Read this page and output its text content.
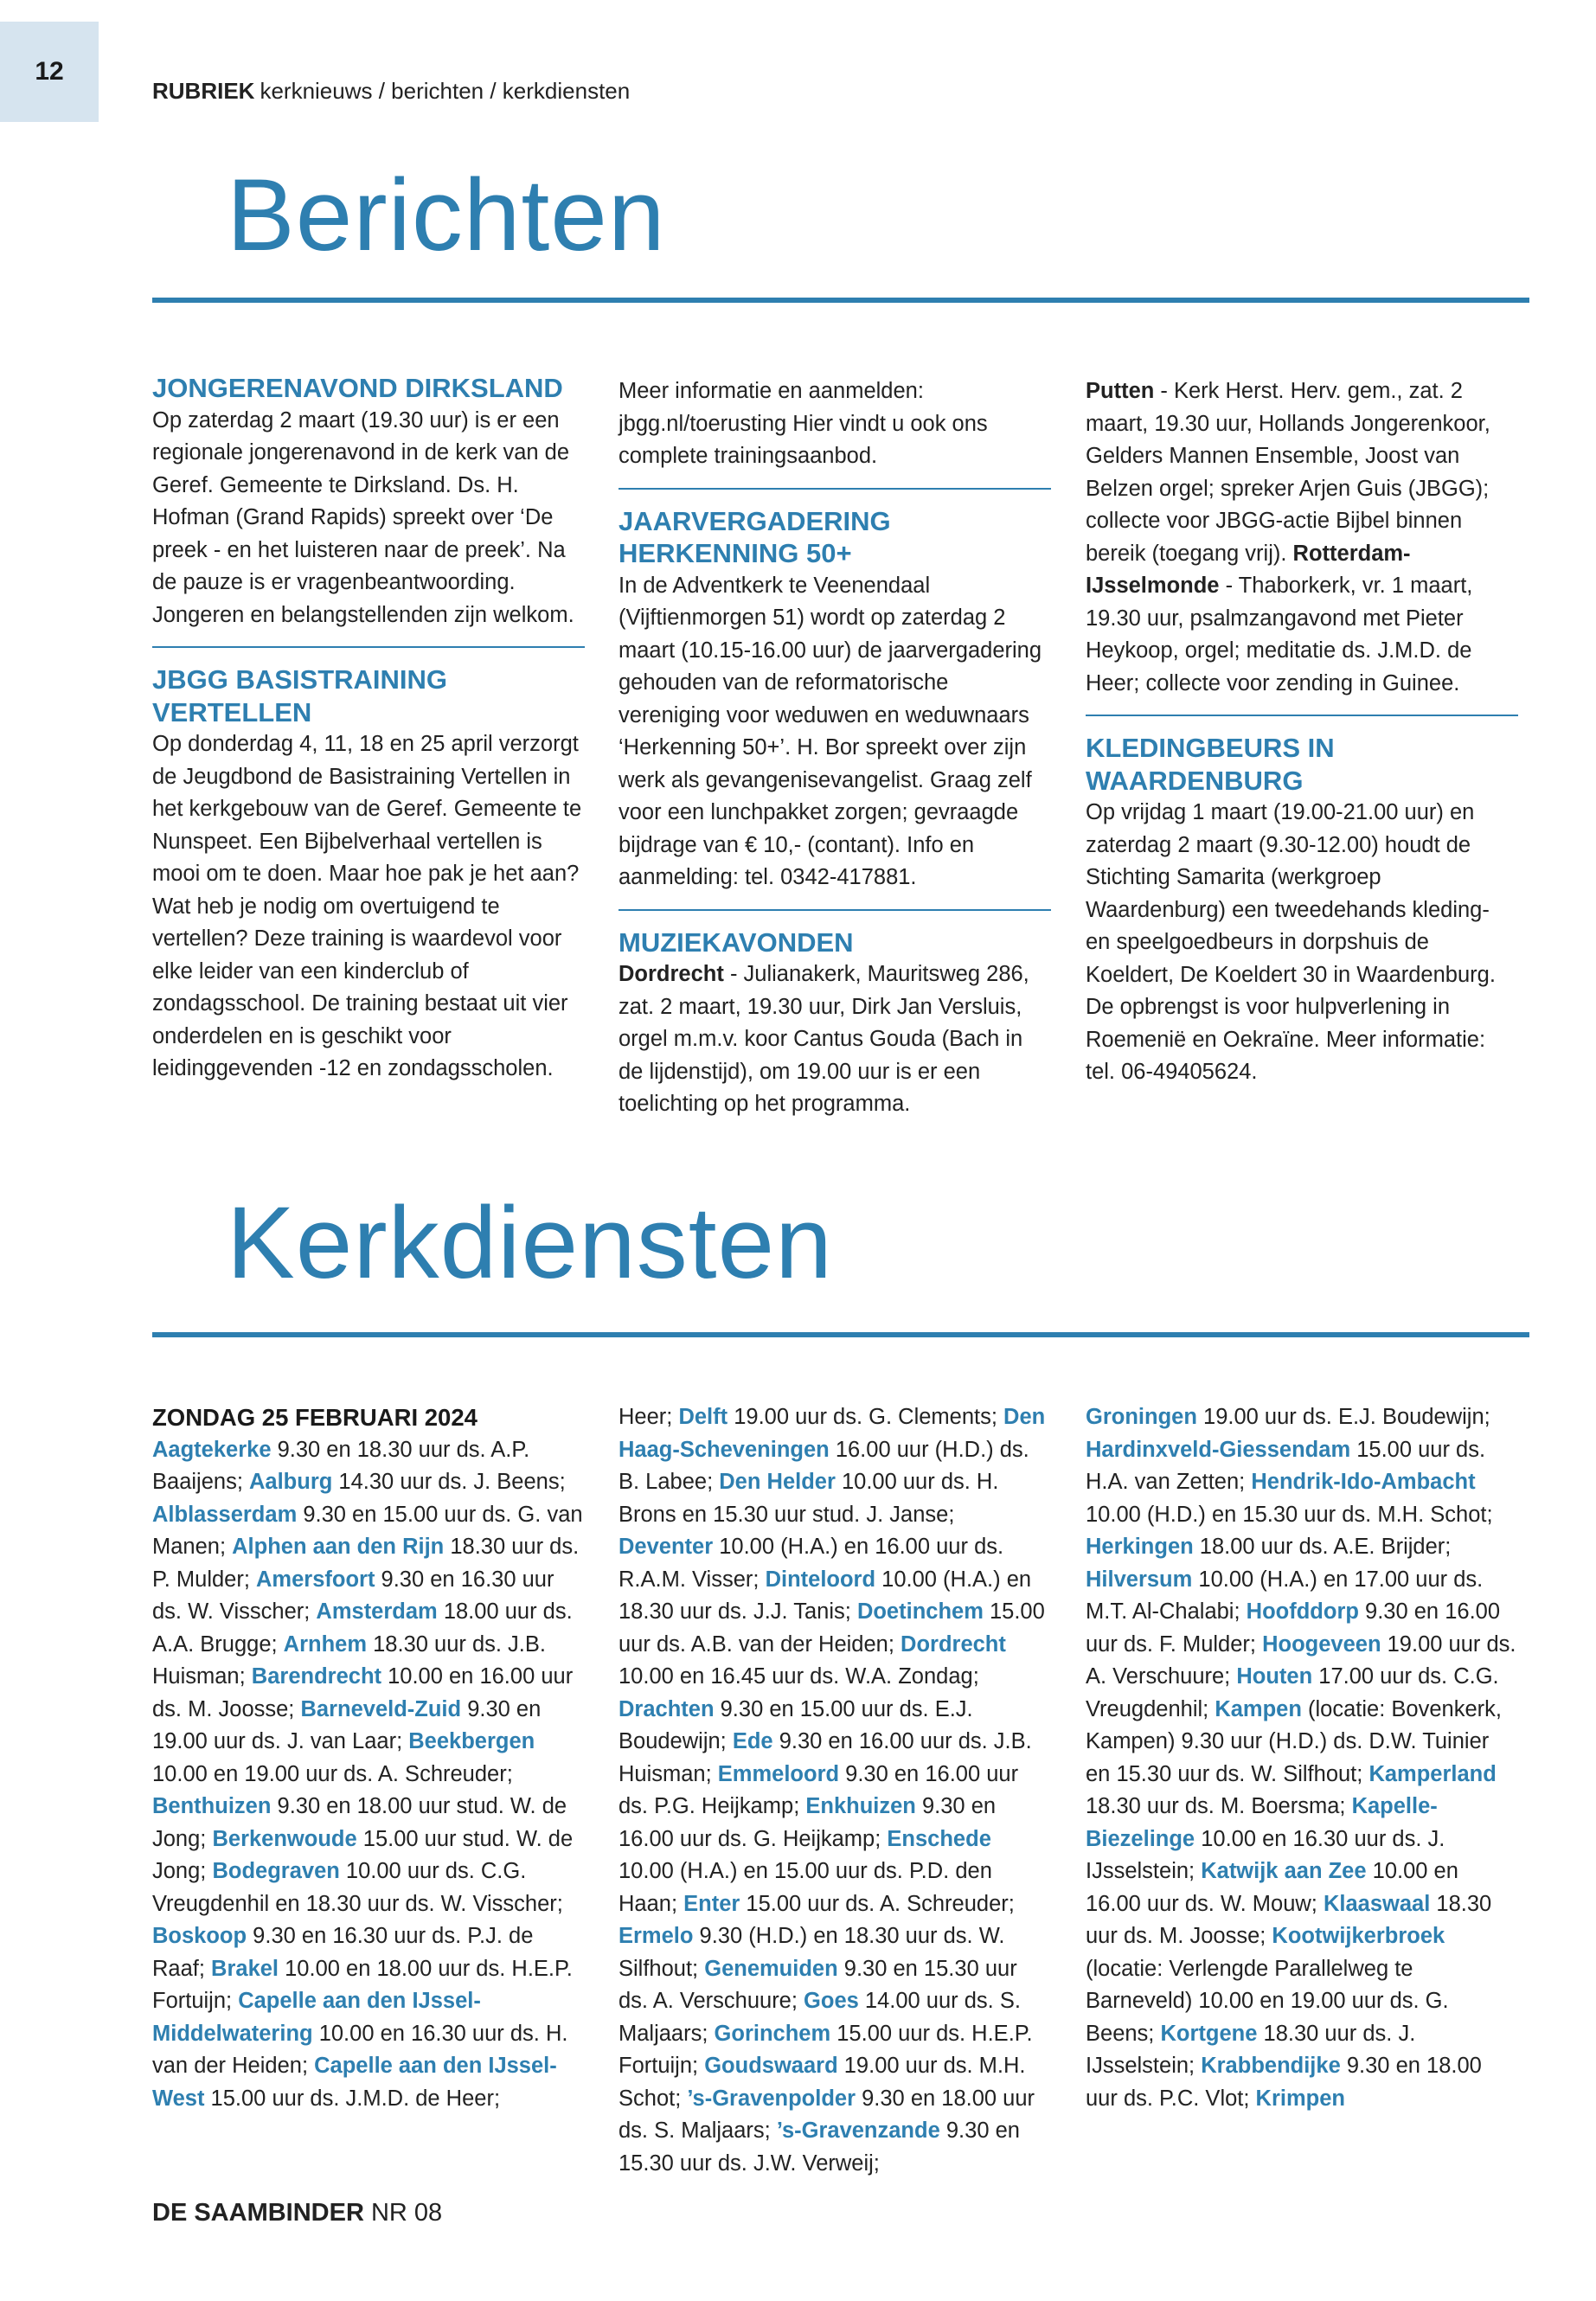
12
RUBRIEK kerknieuws / berichten / kerkdiensten
Berichten
JONGERENAVOND DIRKSLAND

Op zaterdag 2 maart (19.30 uur) is er een regionale jongerenavond in de kerk van de Geref. Gemeente te Dirksland. Ds. H. Hofman (Grand Rapids) spreekt over ‘De preek - en het luisteren naar de preek’. Na de pauze is er vragenbeantwoording. Jongeren en belangstellenden zijn welkom.

JBGG BASISTRAINING VERTELLEN

Op donderdag 4, 11, 18 en 25 april verzorgt de Jeugdbond de Basistraining Vertellen in het kerkgebouw van de Geref. Gemeente te Nunspeet. Een Bijbelverhaal vertellen is mooi om te doen. Maar hoe pak je het aan? Wat heb je nodig om overtuigend te vertellen? Deze training is waardevol voor elke leider van een kinderclub of zondagsschool. De training bestaat uit vier onderdelen en is geschikt voor leidinggevenden -12 en zondagsscholen.

Meer informatie en aanmelden: jbgg.nl/toerusting Hier vindt u ook ons complete trainingsaanbod.

JAARVERGADERING HERKENNING 50+

In de Adventkerk te Veenendaal (Vijftienmorgen 51) wordt op zaterdag 2 maart (10.15-16.00 uur) de jaarvergadering gehouden van de reformatorische vereniging voor weduwen en weduwnaars ‘Herkenning 50+’. H. Bor spreekt over zijn werk als gevangenisevangelist. Graag zelf voor een lunchpakket zorgen; gevraagde bijdrage van € 10,- (contant). Info en aanmelding: tel. 0342-417881.

MUZIEKAVONDEN

Dordrecht - Julianakerk, Mauritsweg 286, zat. 2 maart, 19.30 uur, Dirk Jan Versluis, orgel m.m.v. koor Cantus Gouda (Bach in de lijdenstijd), om 19.00 uur is er een toelichting op het programma.

Putten - Kerk Herst. Herv. gem., zat. 2 maart, 19.30 uur, Hollands Jongerenkoor, Gelders Mannen Ensemble, Joost van Belzen orgel; spreker Arjen Guis (JBGG); collecte voor JBGG-actie Bijbel binnen bereik (toegang vrij). Rotterdam-IJsselmonde - Thaborkerk, vr. 1 maart, 19.30 uur, psalmzangavond met Pieter Heykoop, orgel; meditatie ds. J.M.D. de Heer; collecte voor zending in Guinee.

KLEDINGBEURS IN WAARDENBURG

Op vrijdag 1 maart (19.00-21.00 uur) en zaterdag 2 maart (9.30-12.00) houdt de Stichting Samarita (werkgroep Waardenburg) een tweedehands kleding- en speelgoedbeurs in dorpshuis de Koeldert, De Koeldert 30 in Waardenburg. De opbrengst is voor hulpverlening in Roemenië en Oekraïne. Meer informatie: tel. 06-49405624.

Kerkdiensten
ZONDAG 25 FEBRUARI 2024

Aagtekerke 9.30 en 18.30 uur ds. A.P. Baaijens; Aalburg 14.30 uur ds. J. Beens; Alblasserdam 9.30 en 15.00 uur ds. G. van Manen; Alphen aan den Rijn 18.30 uur ds. P. Mulder; Amersfoort 9.30 en 16.30 uur ds. W. Visscher; Amsterdam 18.00 uur ds. A.A. Brugge; Arnhem 18.30 uur ds. J.B. Huisman; Barendrecht 10.00 en 16.00 uur ds. M. Joosse; Barneveld-Zuid 9.30 en 19.00 uur ds. J. van Laar; Beekbergen 10.00 en 19.00 uur ds. A. Schreuder; Benthuizen 9.30 en 18.00 uur stud. W. de Jong; Berkenwoude 15.00 uur stud. W. de Jong; Bodegraven 10.00 uur ds. C.G. Vreugdenhil en 18.30 uur ds. W. Visscher; Boskoop 9.30 en 16.30 uur ds. P.J. de Raaf; Brakel 10.00 en 18.00 uur ds. H.E.P. Fortuijn; Capelle aan den IJssel-Middelwatering 10.00 en 16.30 uur ds. H. van der Heiden; Capelle aan den IJssel-West 15.00 uur ds. J.M.D. de Heer;

Heer; Delft 19.00 uur ds. G. Clements; Den Haag-Scheveningen 16.00 uur (H.D.) ds. B. Labee; Den Helder 10.00 uur ds. H. Brons en 15.30 uur stud. J. Janse; Deventer 10.00 (H.A.) en 16.00 uur ds. R.A.M. Visser; Dinteloord 10.00 (H.A.) en 18.30 uur ds. J.J. Tanis; Doetinchem 15.00 uur ds. A.B. van der Heiden; Dordrecht 10.00 en 16.45 uur ds. W.A. Zondag; Drachten 9.30 en 15.00 uur ds. E.J. Boudewijn; Ede 9.30 en 16.00 uur ds. J.B. Huisman; Emmeloord 9.30 en 16.00 uur ds. P.G. Heijkamp; Enkhuizen 9.30 en 16.00 uur ds. G. Heijkamp; Enschede 10.00 (H.A.) en 15.00 uur ds. P.D. den Haan; Enter 15.00 uur ds. A. Schreuder; Ermelo 9.30 (H.D.) en 18.30 uur ds. W. Silfhout; Genemuiden 9.30 en 15.30 uur ds. A. Verschuure; Goes 14.00 uur ds. S. Maljaars; Gorinchem 15.00 uur ds. H.E.P. Fortuijn; Goudswaard 19.00 uur ds. M.H. Schot; ’s-Gravenpolder 9.30 en 18.00 uur ds. S. Maljaars; ’s-Gravenzande 9.30 en 15.30 uur ds. J.W. Verweij;

Groningen 19.00 uur ds. E.J. Boudewijn; Hardinxveld-Giessendam 15.00 uur ds. H.A. van Zetten; Hendrik-Ido-Ambacht 10.00 (H.D.) en 15.30 uur ds. M.H. Schot; Herkingen 18.00 uur ds. A.E. Brijder; Hilversum 10.00 (H.A.) en 17.00 uur ds. M.T. Al-Chalabi; Hoofddorp 9.30 en 16.00 uur ds. F. Mulder; Hoogeveen 19.00 uur ds. A. Verschuure; Houten 17.00 uur ds. C.G. Vreugdenhil; Kampen (locatie: Bovenkerk, Kampen) 9.30 uur (H.D.) ds. D.W. Tuinier en 15.30 uur ds. W. Silfhout; Kamperland 18.30 uur ds. M. Boersma; Kapelle-Biezelinge 10.00 en 16.30 uur ds. J. IJsselstein; Katwijk aan Zee 10.00 en 16.00 uur ds. W. Mouw; Klaaswaal 18.30 uur ds. M. Joosse; Kootwijkerbroek (locatie: Verlengde Parallelweg te Barneveld) 10.00 en 19.00 uur ds. G. Beens; Kortgene 18.30 uur ds. J. IJsselstein; Krabbendijke 9.30 en 18.00 uur ds. P.C. Vlot; Krimpen

DE SAAMBINDER NR 08
